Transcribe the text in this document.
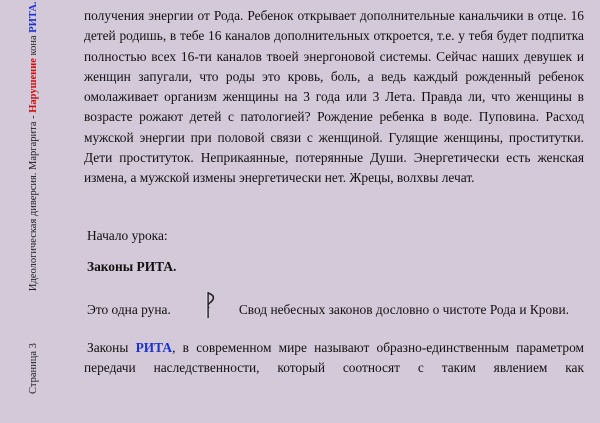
Страница 3Идеологическая диверсия. Маргарита - Нарушение кона РИТА.	получения энергии от Рода. Ребенок открывает дополнительные канальчики в отце. 16 детей родишь, в тебе 16 каналов дополнительных откроется, т.е. у тебя будет подпитка полностью всех 16-ти каналов твоей энергоновой системы. Сейчас наших девушек и женщин запугали, что роды это кровь, боль, а ведь каждый рожденный ребенок омолаживает организм женщины на 3 года или 3 Лета. Правда ли, что женщины в возрасте рожают детей с патологией? Рождение ребенка в воде. Пуповина. Расход мужской энергии при половой связи с женщиной. Гулящие женщины, проститутки. Дети проституток. Неприкаянные, потерянные Души. Энергетически есть женская измена, а мужской измены энергетически нет. Жрецы, волхвы лечат.

Начало урока:

Законы РИТА.

Это одна руна.	Свод небесных законов дословно о чистоте Рода и Крови.

Законы РИТА, в современном мире называют образно-единственным параметром передачи наследственности, который соотносят с таким явлением как
